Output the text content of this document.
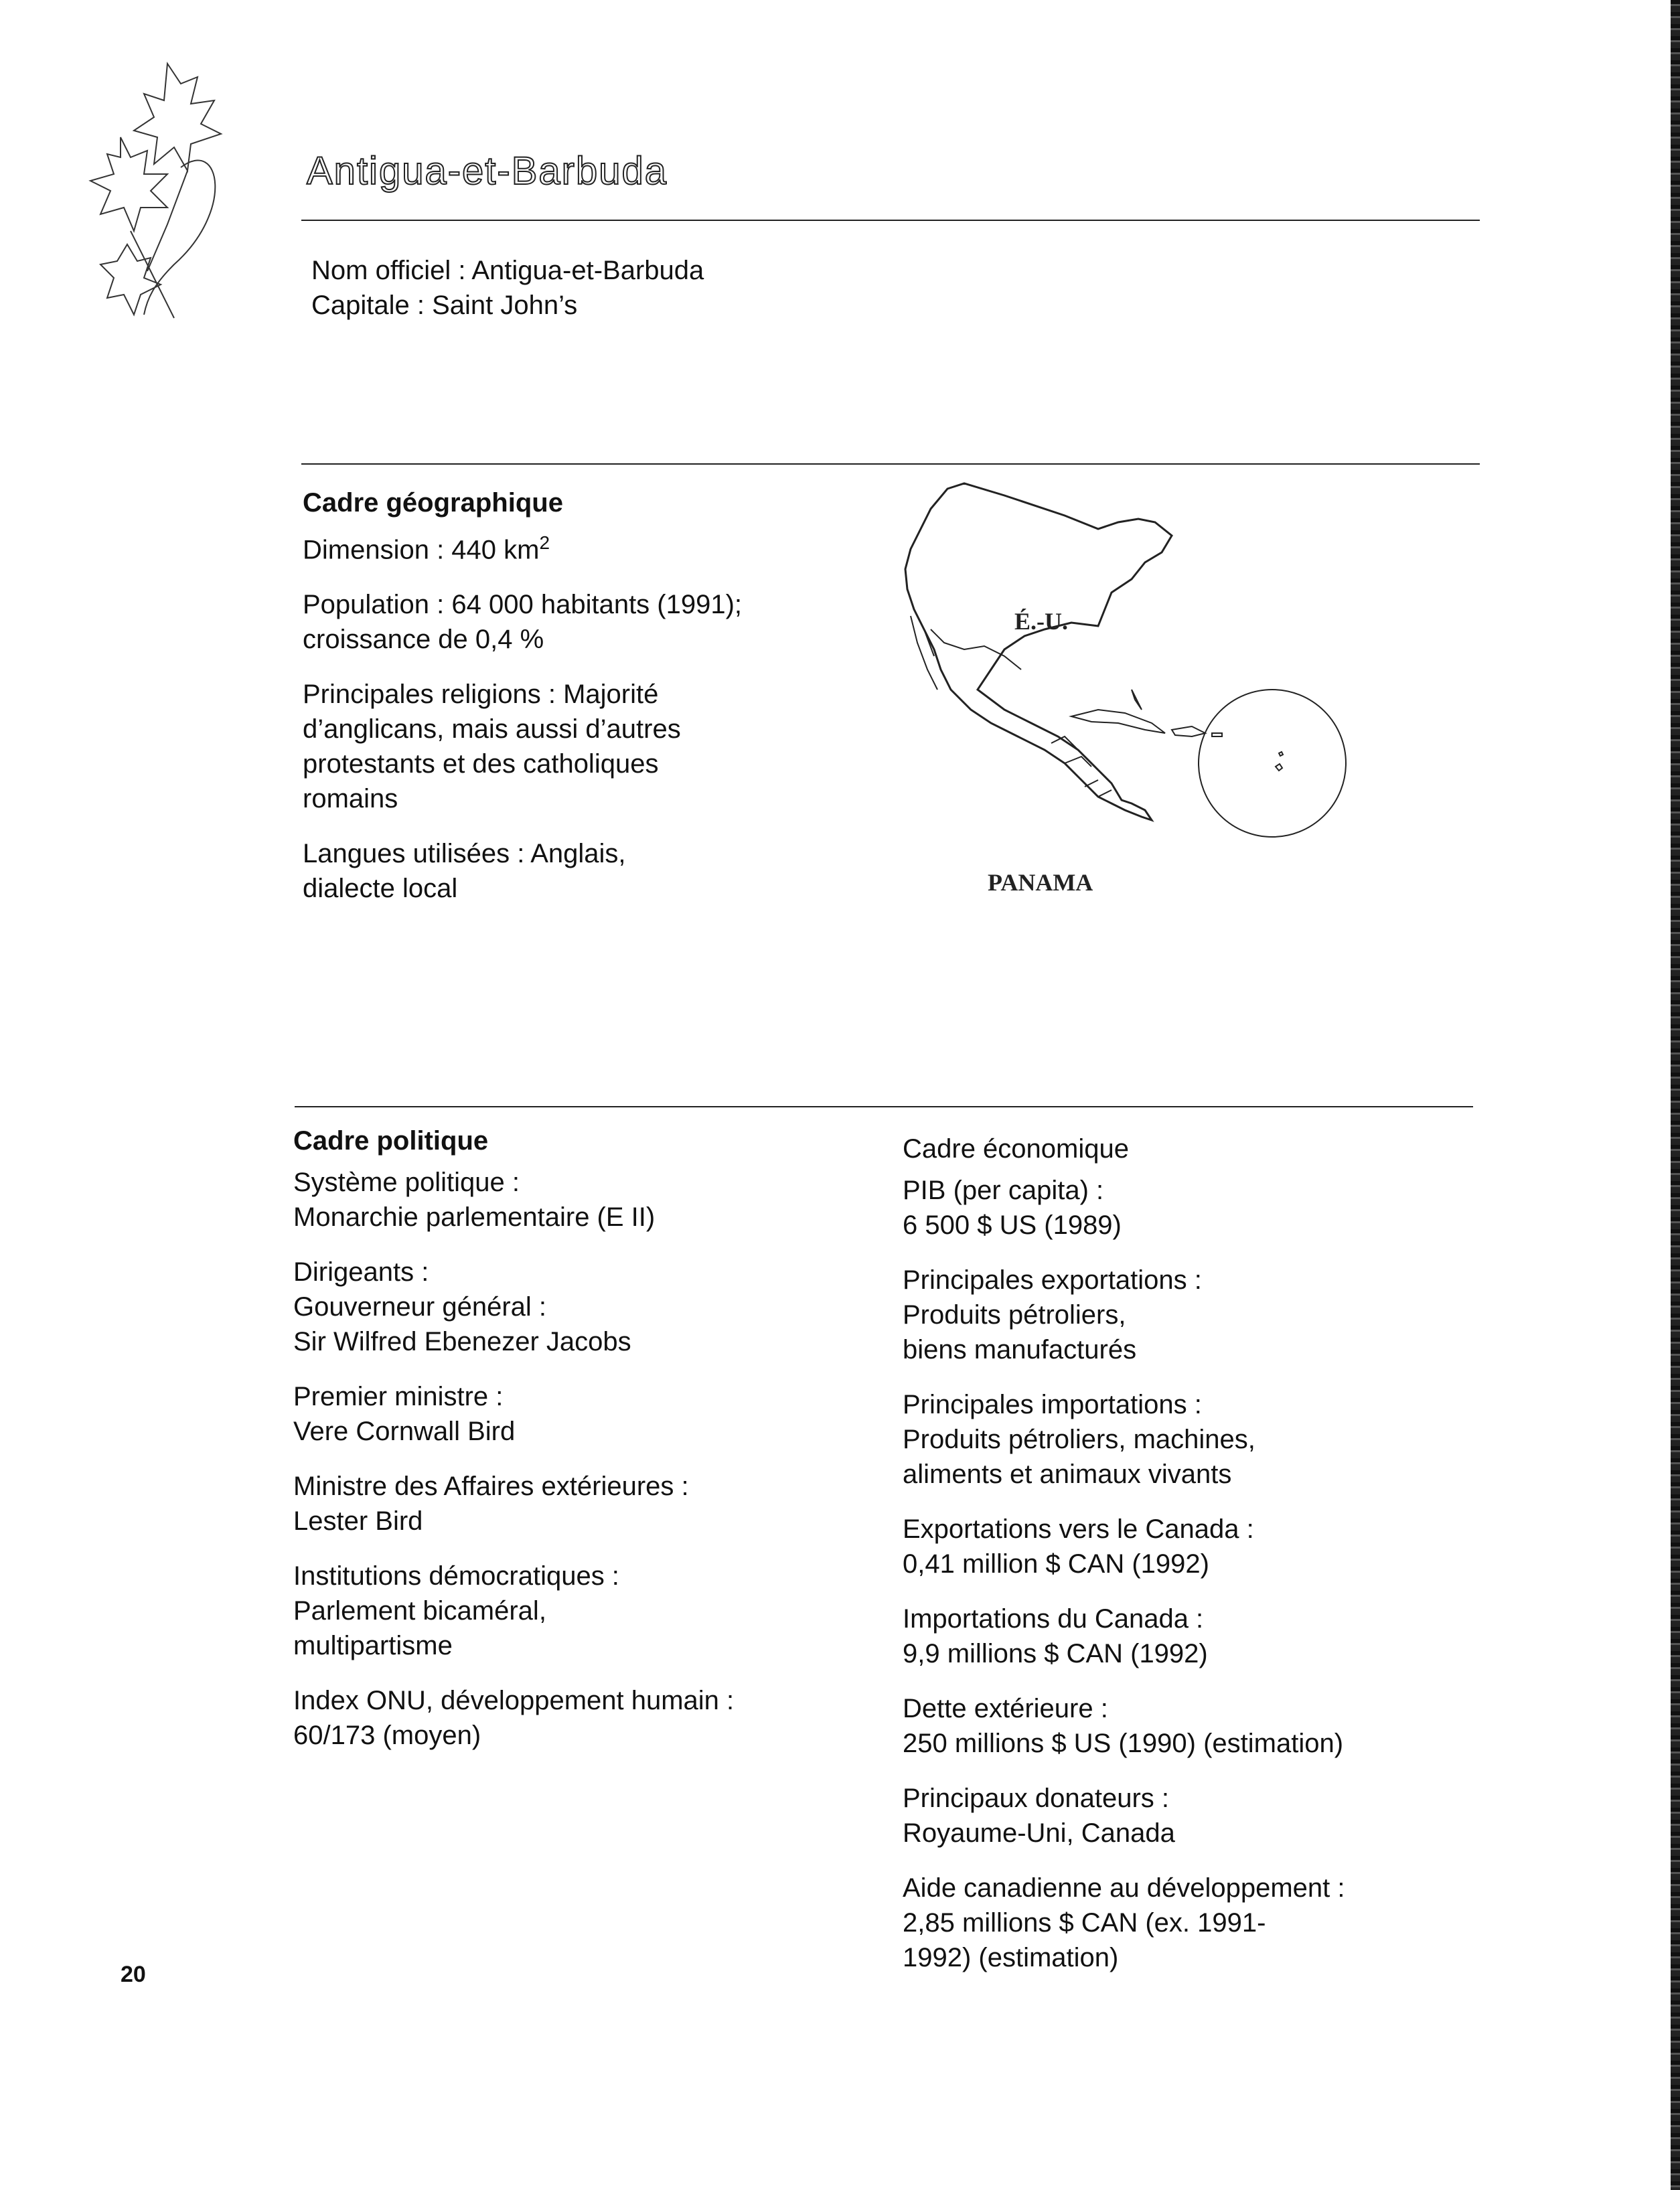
Antigua-et-Barbuda
Nom officiel : Antigua-et-Barbuda
Capitale : Saint John’s
Cadre géographique
Dimension : 440 $km^2$
Population : 64 000 habitants (1991);
croissance de 0,4 %
Principales religions : Majorité
d’anglicans, mais aussi d’autres
protestants et des catholiques
romains
Langues utilisées : Anglais,
dialecte local
É.-U.
PANAMA
Cadre politique
Système politique :
Monarchie parlementaire (E II)
Dirigeants :
Gouverneur général :
Sir Wilfred Ebenezer Jacobs
Premier ministre :
Vere Cornwall Bird
Ministre des Affaires extérieures :
Lester Bird
Institutions démocratiques :
Parlement bicaméral,
multipartisme
Index ONU, développement humain :
60/173 (moyen)
Cadre économique
PIB (per capita) :
6 500 $ US (1989)
Principales exportations :
Produits pétroliers,
biens manufacturés
Principales importations :
Produits pétroliers, machines,
aliments et animaux vivants
Exportations vers le Canada :
0,41 million $ CAN (1992)
Importations du Canada :
9,9 millions $ CAN (1992)
Dette extérieure :
250 millions $ US (1990) (estimation)
Principaux donateurs :
Royaume-Uni, Canada
Aide canadienne au développement :
2,85 millions $ CAN (ex. 1991-
1992) (estimation)
20
